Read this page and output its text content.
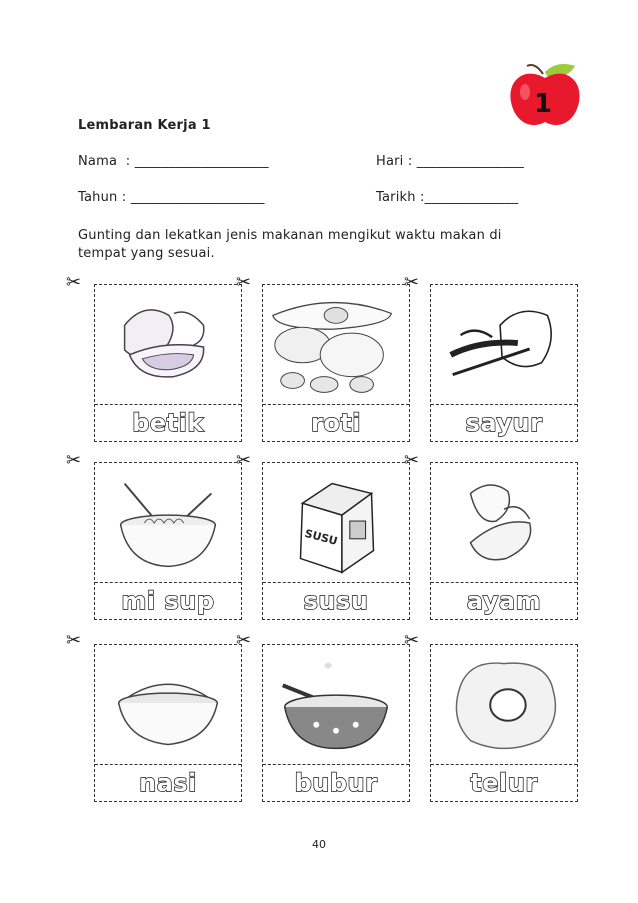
1
Lembaran Kerja 1
Nama  : ____________________	Hari : ________________
Tahun : ____________________	Tarikh :______________
Gunting dan lekatkan jenis makanan mengikut waktu makan di
tempat yang sesuai.
✂	✂	✂
✂	✂	✂
✂	✂	✂
betik	roti	sayur
mi sup
SUSU
susu	ayam
nasi	bubur	telur
40
